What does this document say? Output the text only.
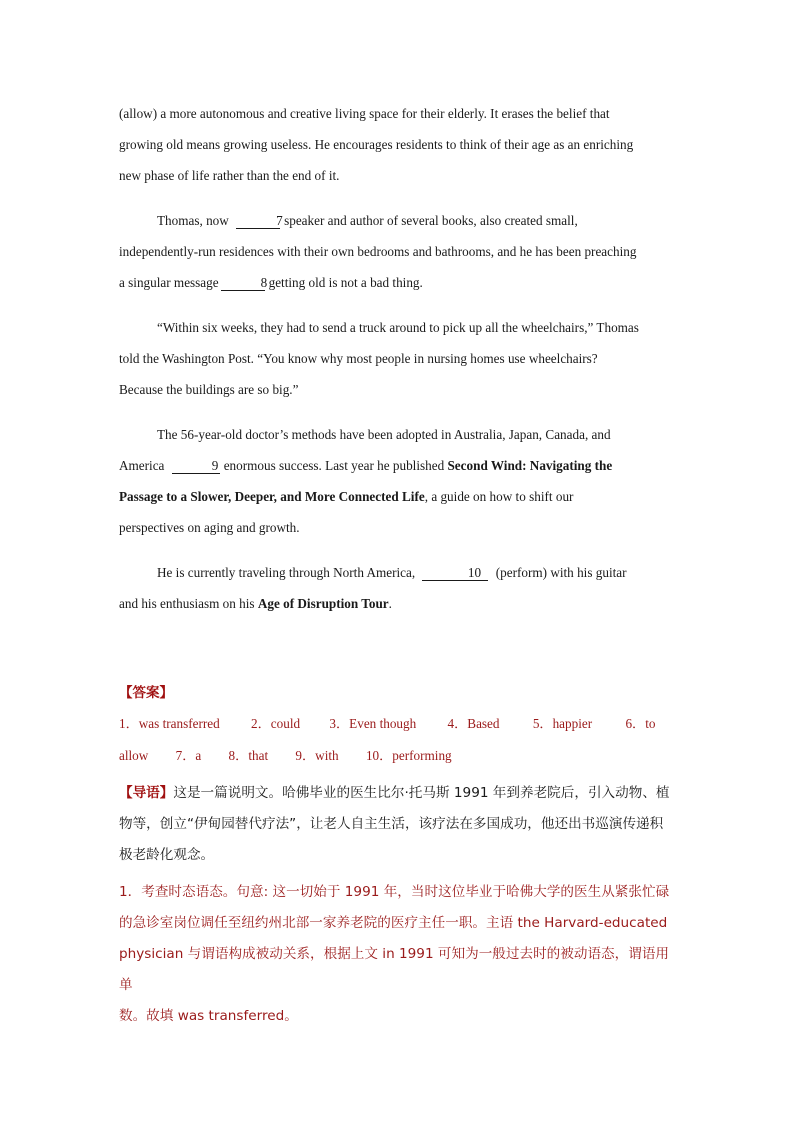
(allow) a more autonomous and creative living space for their elderly. It erases the belief that
growing old means growing useless. He encourages residents to think of their age as an enriching
new phase of life rather than the end of it.

Thomas, now	7speaker and author of several books, also created small,
independently-run residences with their own bedrooms and bathrooms, and he has been preaching
a singular message	8getting old is not a bad thing.

“Within six weeks, they had to send a truck around to pick up all the wheelchairs,” Thomas
told the Washington Post. “You know why most people in nursing homes use wheelchairs?
Because the buildings are so big.”

The 56-year-old doctor’s methods have been adopted in Australia, Japan, Canada, and
America	9 enormous success. Last year he published Second Wind: Navigating the
Passage to a Slower, Deeper, and More Connected Life, a guide on how to shift our
perspectives on aging and growth.

He is currently traveling through North America,	10 (perform) with his guitar
and his enthusiasm on his Age of Disruption Tour.

【答案】
1．was transferred 2．could 3．Even though 4．Based	5．happier	6．to
allow 7．a 8．that 9．with 10．performing

【导语】这是一篇说明文。哈佛毕业的医生比尔·托马斯 1991 年到养老院后，引入动物、植
物等，创立“伊甸园替代疗法”，让老人自主生活，该疗法在多国成功，他还出书巡演传递积
极老龄化观念。

1．考查时态语态。句意: 这一切始于 1991 年，当时这位毕业于哈佛大学的医生从紧张忙碌
的急诊室岗位调任至纽约州北部一家养老院的医疗主任一职。主语 the Harvard-educated
physician 与谓语构成被动关系，根据上文 in 1991 可知为一般过去时的被动语态，谓语用单
数。故填 was transferred。
